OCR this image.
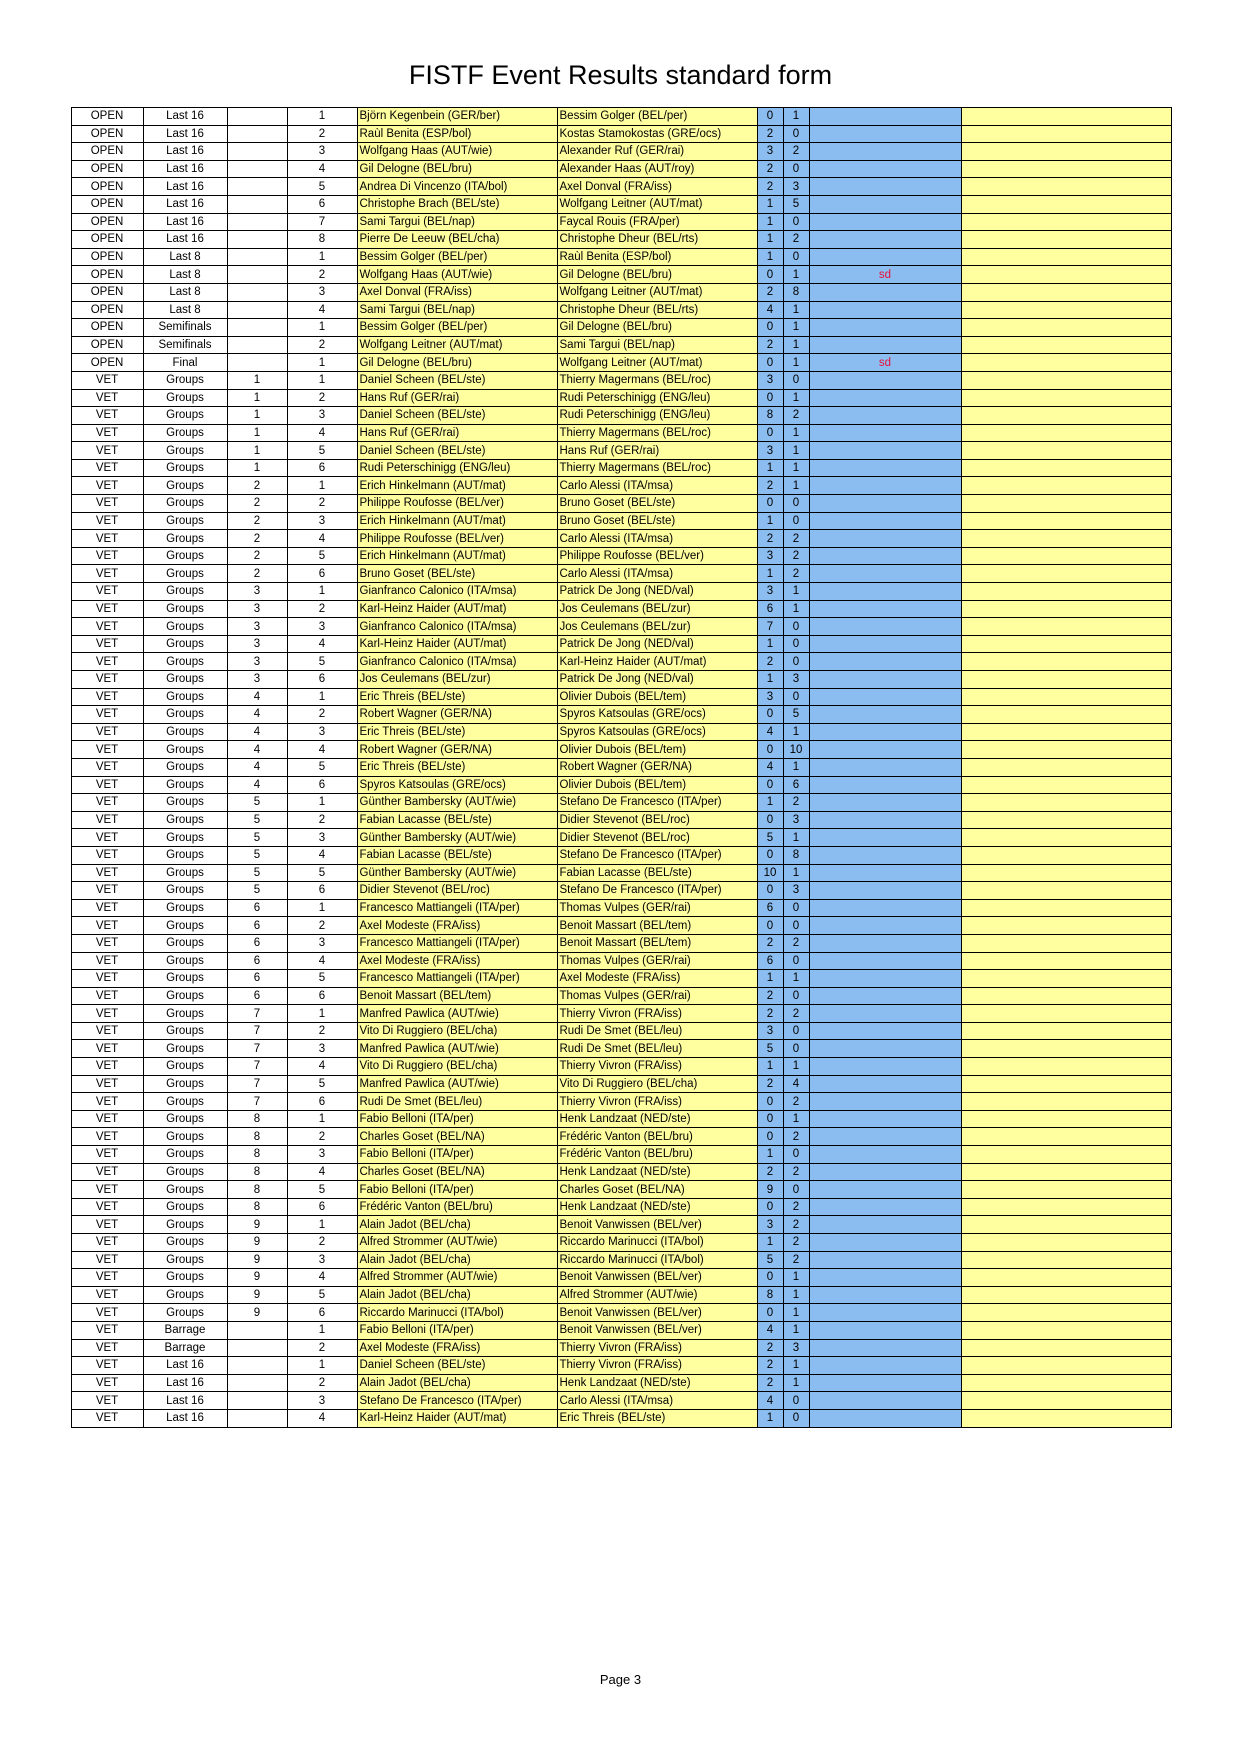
FISTF Event Results standard form
OPEN	Last 16		1	Björn Kegenbein (GER/ber)	Bessim Golger (BEL/per)	0	1		
OPEN	Last 16		2	Raùl Benita (ESP/bol)	Kostas Stamokostas (GRE/ocs)	2	0		
OPEN	Last 16		3	Wolfgang Haas (AUT/wie)	Alexander Ruf (GER/rai)	3	2		
OPEN	Last 16		4	Gil Delogne (BEL/bru)	Alexander Haas (AUT/roy)	2	0		
OPEN	Last 16		5	Andrea Di Vincenzo (ITA/bol)	Axel Donval (FRA/iss)	2	3		
OPEN	Last 16		6	Christophe Brach (BEL/ste)	Wolfgang Leitner (AUT/mat)	1	5		
OPEN	Last 16		7	Sami Targui (BEL/nap)	Faycal Rouis (FRA/per)	1	0		
OPEN	Last 16		8	Pierre De Leeuw (BEL/cha)	Christophe Dheur (BEL/rts)	1	2		
OPEN	Last 8		1	Bessim Golger (BEL/per)	Raùl Benita (ESP/bol)	1	0		
OPEN	Last 8		2	Wolfgang Haas (AUT/wie)	Gil Delogne (BEL/bru)	0	1	sd	
OPEN	Last 8		3	Axel Donval (FRA/iss)	Wolfgang Leitner (AUT/mat)	2	8		
OPEN	Last 8		4	Sami Targui (BEL/nap)	Christophe Dheur (BEL/rts)	4	1		
OPEN	Semifinals		1	Bessim Golger (BEL/per)	Gil Delogne (BEL/bru)	0	1		
OPEN	Semifinals		2	Wolfgang Leitner (AUT/mat)	Sami Targui (BEL/nap)	2	1		
OPEN	Final		1	Gil Delogne (BEL/bru)	Wolfgang Leitner (AUT/mat)	0	1	sd	
VET	Groups	1	1	Daniel Scheen (BEL/ste)	Thierry Magermans (BEL/roc)	3	0		
VET	Groups	1	2	Hans Ruf (GER/rai)	Rudi Peterschinigg (ENG/leu)	0	1		
VET	Groups	1	3	Daniel Scheen (BEL/ste)	Rudi Peterschinigg (ENG/leu)	8	2		
VET	Groups	1	4	Hans Ruf (GER/rai)	Thierry Magermans (BEL/roc)	0	1		
VET	Groups	1	5	Daniel Scheen (BEL/ste)	Hans Ruf (GER/rai)	3	1		
VET	Groups	1	6	Rudi Peterschinigg (ENG/leu)	Thierry Magermans (BEL/roc)	1	1		
VET	Groups	2	1	Erich Hinkelmann (AUT/mat)	Carlo Alessi (ITA/msa)	2	1		
VET	Groups	2	2	Philippe Roufosse (BEL/ver)	Bruno Goset (BEL/ste)	0	0		
VET	Groups	2	3	Erich Hinkelmann (AUT/mat)	Bruno Goset (BEL/ste)	1	0		
VET	Groups	2	4	Philippe Roufosse (BEL/ver)	Carlo Alessi (ITA/msa)	2	2		
VET	Groups	2	5	Erich Hinkelmann (AUT/mat)	Philippe Roufosse (BEL/ver)	3	2		
VET	Groups	2	6	Bruno Goset (BEL/ste)	Carlo Alessi (ITA/msa)	1	2		
VET	Groups	3	1	Gianfranco Calonico (ITA/msa)	Patrick De Jong (NED/val)	3	1		
VET	Groups	3	2	Karl-Heinz Haider (AUT/mat)	Jos Ceulemans (BEL/zur)	6	1		
VET	Groups	3	3	Gianfranco Calonico (ITA/msa)	Jos Ceulemans (BEL/zur)	7	0		
VET	Groups	3	4	Karl-Heinz Haider (AUT/mat)	Patrick De Jong (NED/val)	1	0		
VET	Groups	3	5	Gianfranco Calonico (ITA/msa)	Karl-Heinz Haider (AUT/mat)	2	0		
VET	Groups	3	6	Jos Ceulemans (BEL/zur)	Patrick De Jong (NED/val)	1	3		
VET	Groups	4	1	Eric Threis (BEL/ste)	Olivier Dubois (BEL/tem)	3	0		
VET	Groups	4	2	Robert Wagner (GER/NA)	Spyros Katsoulas (GRE/ocs)	0	5		
VET	Groups	4	3	Eric Threis (BEL/ste)	Spyros Katsoulas (GRE/ocs)	4	1		
VET	Groups	4	4	Robert Wagner (GER/NA)	Olivier Dubois (BEL/tem)	0	10		
VET	Groups	4	5	Eric Threis (BEL/ste)	Robert Wagner (GER/NA)	4	1		
VET	Groups	4	6	Spyros Katsoulas (GRE/ocs)	Olivier Dubois (BEL/tem)	0	6		
VET	Groups	5	1	Günther Bambersky (AUT/wie)	Stefano De Francesco (ITA/per)	1	2		
VET	Groups	5	2	Fabian Lacasse (BEL/ste)	Didier Stevenot (BEL/roc)	0	3		
VET	Groups	5	3	Günther Bambersky (AUT/wie)	Didier Stevenot (BEL/roc)	5	1		
VET	Groups	5	4	Fabian Lacasse (BEL/ste)	Stefano De Francesco (ITA/per)	0	8		
VET	Groups	5	5	Günther Bambersky (AUT/wie)	Fabian Lacasse (BEL/ste)	10	1		
VET	Groups	5	6	Didier Stevenot (BEL/roc)	Stefano De Francesco (ITA/per)	0	3		
VET	Groups	6	1	Francesco Mattiangeli (ITA/per)	Thomas Vulpes (GER/rai)	6	0		
VET	Groups	6	2	Axel Modeste (FRA/iss)	Benoit Massart (BEL/tem)	0	0		
VET	Groups	6	3	Francesco Mattiangeli (ITA/per)	Benoit Massart (BEL/tem)	2	2		
VET	Groups	6	4	Axel Modeste (FRA/iss)	Thomas Vulpes (GER/rai)	6	0		
VET	Groups	6	5	Francesco Mattiangeli (ITA/per)	Axel Modeste (FRA/iss)	1	1		
VET	Groups	6	6	Benoit Massart (BEL/tem)	Thomas Vulpes (GER/rai)	2	0		
VET	Groups	7	1	Manfred Pawlica (AUT/wie)	Thierry Vivron (FRA/iss)	2	2		
VET	Groups	7	2	Vito Di Ruggiero (BEL/cha)	Rudi De Smet (BEL/leu)	3	0		
VET	Groups	7	3	Manfred Pawlica (AUT/wie)	Rudi De Smet (BEL/leu)	5	0		
VET	Groups	7	4	Vito Di Ruggiero (BEL/cha)	Thierry Vivron (FRA/iss)	1	1		
VET	Groups	7	5	Manfred Pawlica (AUT/wie)	Vito Di Ruggiero (BEL/cha)	2	4		
VET	Groups	7	6	Rudi De Smet (BEL/leu)	Thierry Vivron (FRA/iss)	0	2		
VET	Groups	8	1	Fabio Belloni (ITA/per)	Henk Landzaat (NED/ste)	0	1		
VET	Groups	8	2	Charles Goset (BEL/NA)	Frédéric Vanton (BEL/bru)	0	2		
VET	Groups	8	3	Fabio Belloni (ITA/per)	Frédéric Vanton (BEL/bru)	1	0		
VET	Groups	8	4	Charles Goset (BEL/NA)	Henk Landzaat (NED/ste)	2	2		
VET	Groups	8	5	Fabio Belloni (ITA/per)	Charles Goset (BEL/NA)	9	0		
VET	Groups	8	6	Frédéric Vanton (BEL/bru)	Henk Landzaat (NED/ste)	0	2		
VET	Groups	9	1	Alain Jadot (BEL/cha)	Benoit Vanwissen (BEL/ver)	3	2		
VET	Groups	9	2	Alfred Strommer (AUT/wie)	Riccardo Marinucci (ITA/bol)	1	2		
VET	Groups	9	3	Alain Jadot (BEL/cha)	Riccardo Marinucci (ITA/bol)	5	2		
VET	Groups	9	4	Alfred Strommer (AUT/wie)	Benoit Vanwissen (BEL/ver)	0	1		
VET	Groups	9	5	Alain Jadot (BEL/cha)	Alfred Strommer (AUT/wie)	8	1		
VET	Groups	9	6	Riccardo Marinucci (ITA/bol)	Benoit Vanwissen (BEL/ver)	0	1		
VET	Barrage		1	Fabio Belloni (ITA/per)	Benoit Vanwissen (BEL/ver)	4	1		
VET	Barrage		2	Axel Modeste (FRA/iss)	Thierry Vivron (FRA/iss)	2	3		
VET	Last 16		1	Daniel Scheen (BEL/ste)	Thierry Vivron (FRA/iss)	2	1		
VET	Last 16		2	Alain Jadot (BEL/cha)	Henk Landzaat (NED/ste)	2	1		
VET	Last 16		3	Stefano De Francesco (ITA/per)	Carlo Alessi (ITA/msa)	4	0		
VET	Last 16		4	Karl-Heinz Haider (AUT/mat)	Eric Threis (BEL/ste)	1	0		
Page 3
